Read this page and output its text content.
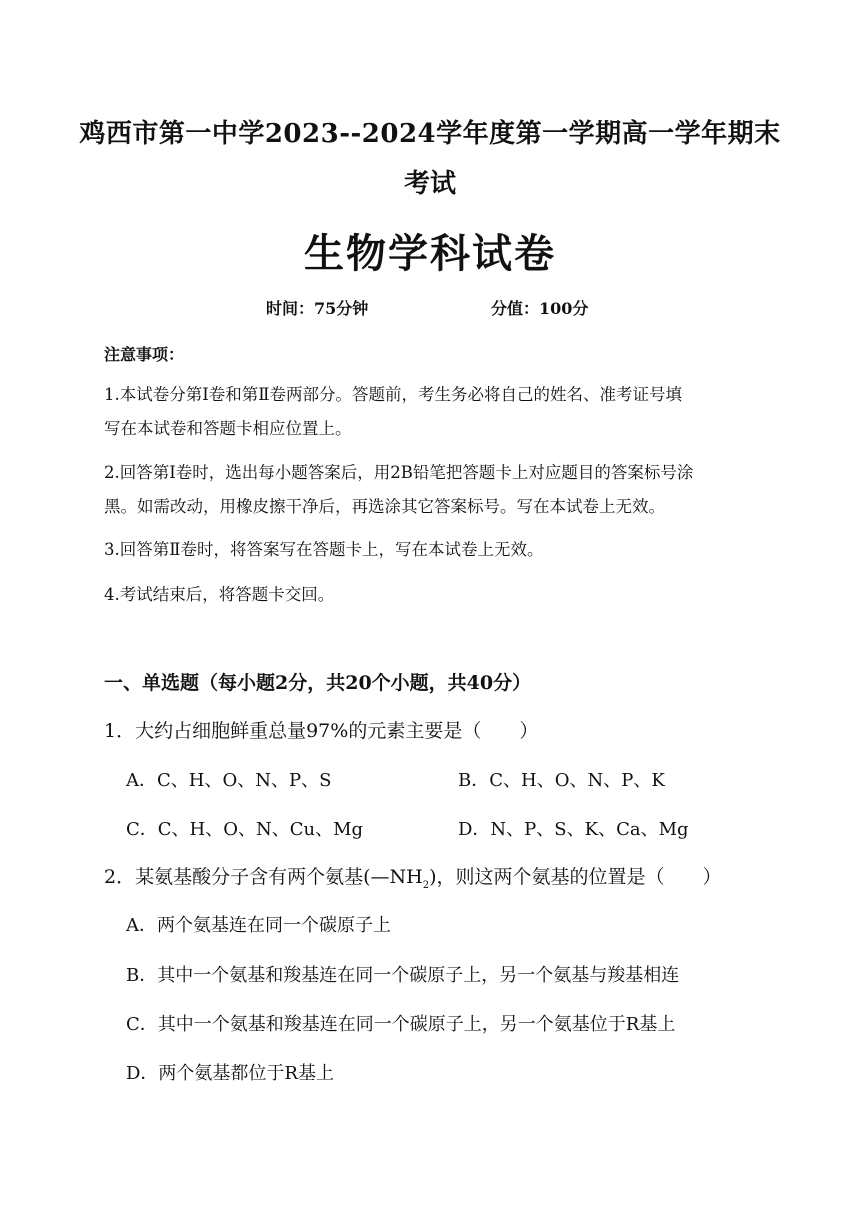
鸡西市第一中学2023--2024学年度第一学期高一学年期末
考试
生物学科试卷
时间：75分钟	分值：100分
注意事项：
1.本试卷分第Ⅰ卷和第Ⅱ卷两部分。答题前，考生务必将自己的姓名、准考证号填
写在本试卷和答题卡相应位置上。
2.回答第Ⅰ卷时，选出每小题答案后，用2B铅笔把答题卡上对应题目的答案标号涂
黑。如需改动，用橡皮擦干净后，再选涂其它答案标号。写在本试卷上无效。
3.回答第Ⅱ卷时，将答案写在答题卡上，写在本试卷上无效。
4.考试结束后，将答题卡交回。
一、单选题（每小题2分，共20个小题，共40分）
1．大约占细胞鲜重总量97%的元素主要是（　　）
A．C、H、O、N、P、S	B．C、H、O、N、P、K
C．C、H、O、N、Cu、Mg	D．N、P、S、K、Ca、Mg
2．某氨基酸分子含有两个氨基$(—NH_2)$，则这两个氨基的位置是（　　）
A．两个氨基连在同一个碳原子上
B．其中一个氨基和羧基连在同一个碳原子上，另一个氨基与羧基相连
C．其中一个氨基和羧基连在同一个碳原子上，另一个氨基位于R基上
D．两个氨基都位于R基上
